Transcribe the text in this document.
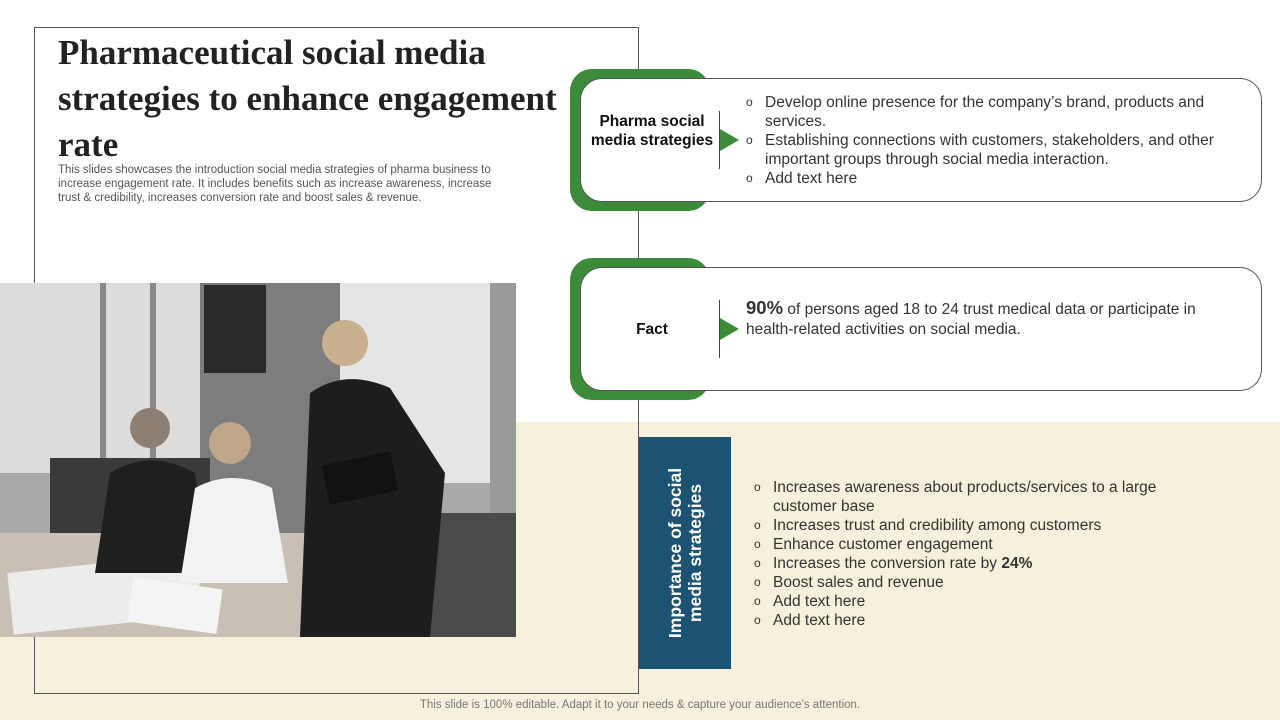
Pharmaceutical social media strategies to enhance engagement rate

This slides showcases the introduction social media strategies of pharma business to increase engagement rate. It includes benefits such as increase awareness, increase trust & credibility, increases conversion rate and boost sales & revenue.

Pharma social media strategies
o Develop online presence for the company’s brand, products and services.
o Establishing connections with customers, stakeholders, and other important groups through social media interaction.
o Add text here
Fact

90% of persons aged 18 to 24 trust medical data or participate in health-related activities on social media.

Importance of social media strategies	o Increases awareness about products/services to a large customer base
o Increases trust and credibility among customers
o Enhance customer engagement
o Increases the conversion rate by 24%
o Boost sales and revenue
o Add text here
o Add text here
This slide is 100% editable. Adapt it to your needs & capture your audience’s attention.
